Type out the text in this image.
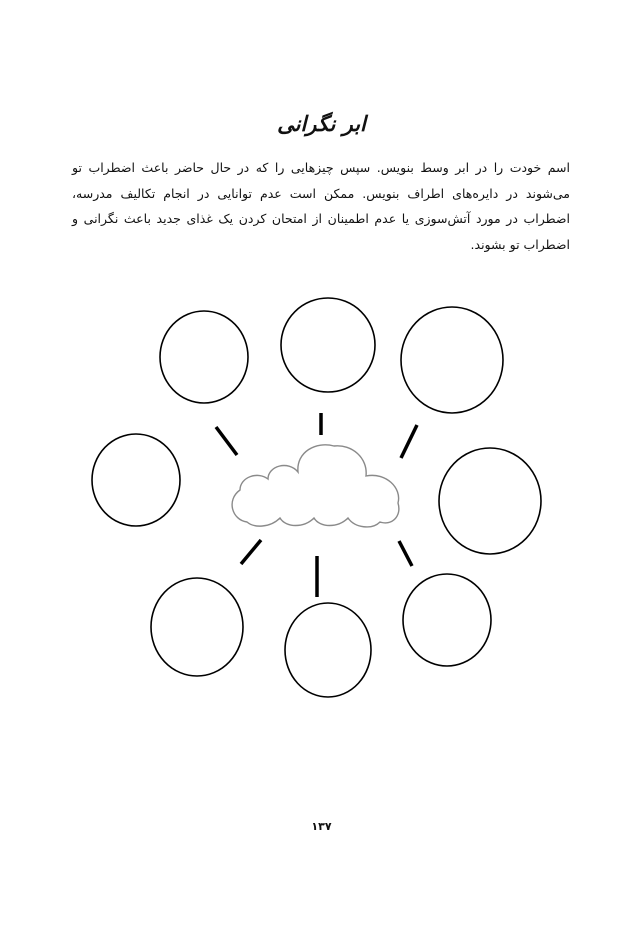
ابر نگرانی
اسم خودت را در ابر وسط بنویس. سپس چیزهایی را که در حال حاضر باعث اضطراب تو می‌شوند در دایره‌های اطراف بنویس. ممکن است عدم توانایی در انجام تکالیف مدرسه، اضطراب در مورد آتش‌سوزی یا عدم اطمینان از امتحان کردن یک غذای جدید باعث نگرانی و اضطراب تو بشوند.
۱۳۷
